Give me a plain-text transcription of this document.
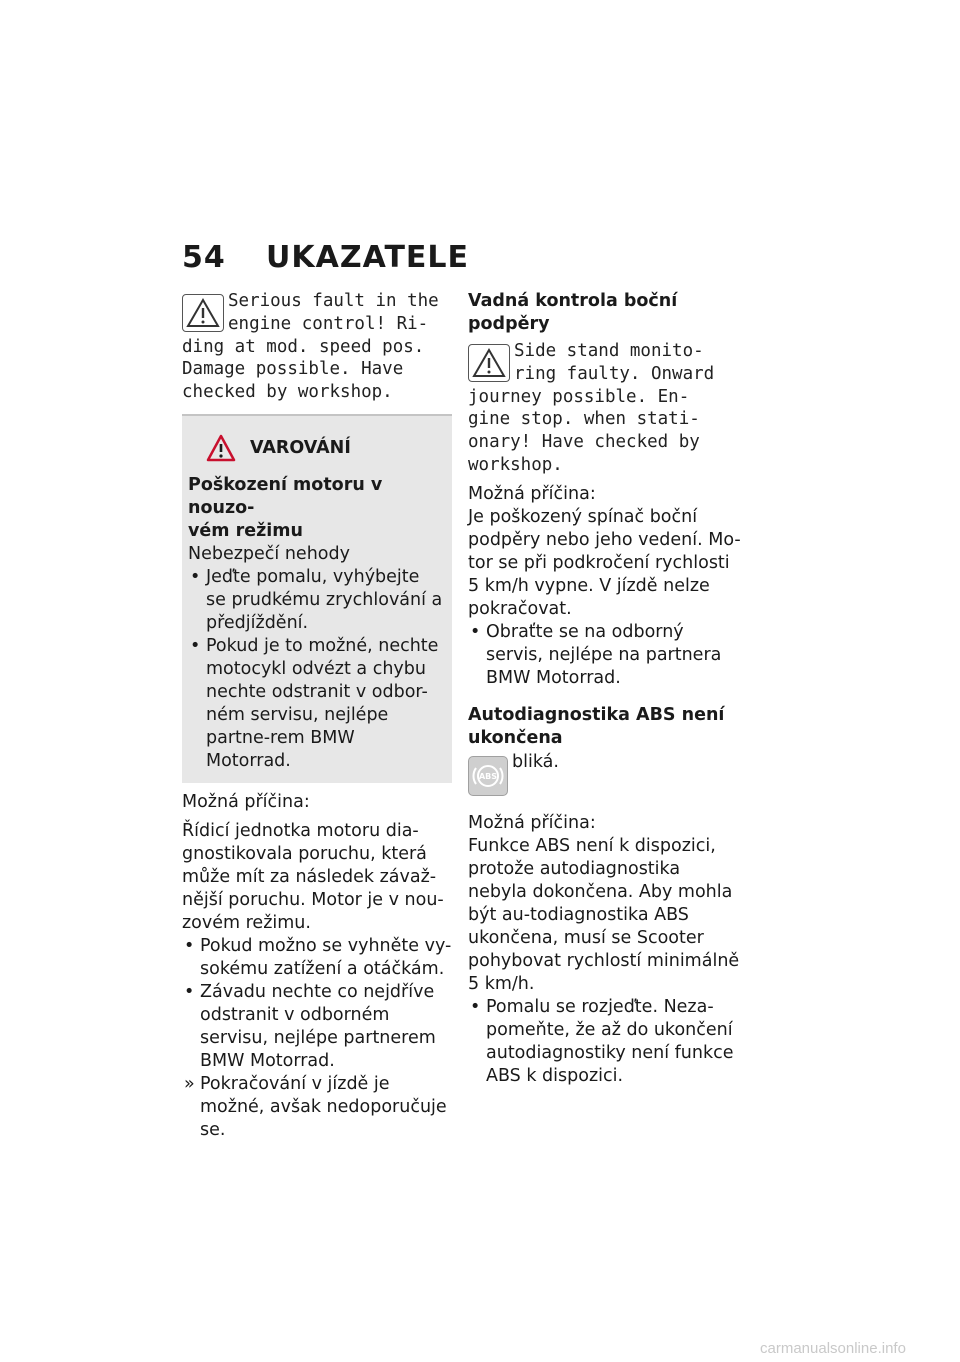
54 UKAZATELE
Serious fault in the
engine control! Ri-
ding at mod. speed pos.
Damage possible. Have
checked by workshop.
VAROVÁNÍ
Poškození motoru v nouzo-
vém režimu
Nebezpečí nehody
• Jeďte pomalu, vyhýbejte se prudkému zrychlování a předjíždění.
• Pokud je to možné, nechte motocykl odvézt a chybu nechte odstranit v odbor-ném servisu, nejlépe partne-rem BMW Motorrad.
Možná příčina:
Řídicí jednotka motoru dia-gnostikovala poruchu, která může mít za následek závaž-nější poruchu. Motor je v nou-zovém režimu.
• Pokud možno se vyhněte vy-sokému zatížení a otáčkám.
• Závadu nechte co nejdříve odstranit v odborném servisu, nejlépe partnerem BMW Motorrad.
» Pokračování v jízdě je možné, avšak nedoporučuje se.
Vadná kontrola boční podpěry
Side stand monito-
ring faulty. Onward
journey possible. En-
gine stop. when stati-
onary! Have checked by
workshop.
Možná příčina:
Je poškozený spínač boční podpěry nebo jeho vedení. Mo-tor se při podkročení rychlosti 5 km/h vypne. V jízdě nelze pokračovat.
• Obraťte se na odborný servis, nejlépe na partnera BMW Motorrad.
Autodiagnostika ABS není ukončena
ABS
bliká.
Možná příčina:
Funkce ABS není k dispozici, protože autodiagnostika nebyla dokončena. Aby mohla být au-todiagnostika ABS ukončena, musí se Scooter pohybovat rychlostí minimálně 5 km/h.
• Pomalu se rozjeďte. Neza-pomeňte, že až do ukončení autodiagnostiky není funkce ABS k dispozici.
carmanualsonline.info
